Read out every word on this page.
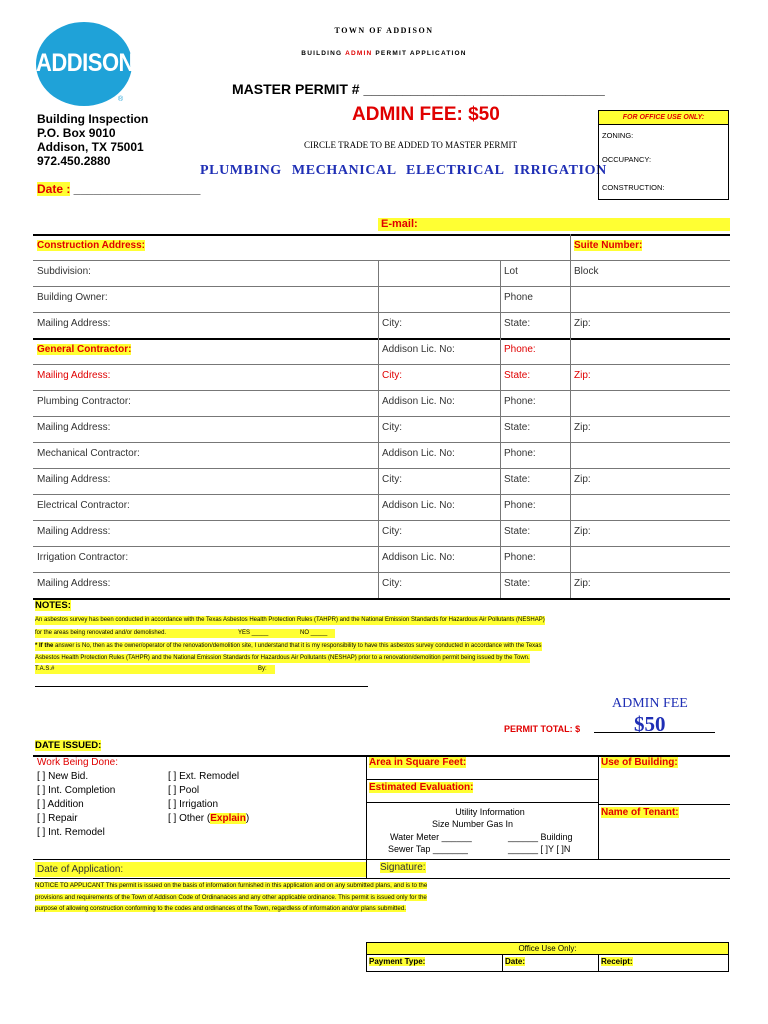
ADDISON
®
TOWN OF ADDISON
BUILDING ADMIN PERMIT APPLICATION
MASTER PERMIT # _______________________________
ADMIN FEE: $50
CIRCLE TRADE TO BE ADDED TO MASTER PERMIT
PLUMBING MECHANICAL ELECTRICAL IRRIGATION
Building Inspection
P.O. Box 9010
Addison, TX 75001
972.450.2880
Date : ___________________
FOR OFFICE USE ONLY:
ZONING:
OCCUPANCY:
CONSTRUCTION:
E-mail:
Construction Address:	Suite Number:
Subdivision:	Lot	Block
Building Owner:	Phone
Mailing Address:	City:	State:	Zip:
General Contractor:	Addison Lic. No:	Phone:
Mailing Address:	City:	State:	Zip:
Plumbing Contractor:	Addison Lic. No:	Phone:
Mailing Address:	City:	State:	Zip:
Mechanical Contractor:	Addison Lic. No:	Phone:
Mailing Address:	City:	State:	Zip:
Electrical Contractor:	Addison Lic. No:	Phone:
Mailing Address:	City:	State:	Zip:
Irrigation Contractor:	Addison Lic. No:	Phone:
Mailing Address:	City:	State:	Zip:
NOTES:
An asbestos survey has been conducted in accordance with the Texas Asbestos Health Protection Rules (TAHPR) and the National Emission Standards for Hazardous Air Pollutants (NESHAP)
for the areas being renovated and/or demolished.	YES _____	NO _____
* If the answer is No, then as the owner/operator of the renovation/demolition site, I understand that it is my responsibility to have this asbestos survey conducted in accordance with the Texas
Asbestos Health Protection Rules (TAHPR) and the National Emission Standards for Hazardous Air Pollutants (NESHAP) prior to a renovation/demolition permit being issued by the Town.
T.A.S.#	By:
ADMIN FEE
PERMIT TOTAL: $	$50
DATE ISSUED:
Work Being Done:
[ ] New Bid.
[ ] Int. Completion
[ ] Addition
[ ] Repair
[ ] Int. Remodel
[ ] Ext. Remodel
[ ] Pool
[ ] Irrigation
[ ] Other (Explain)
Area in Square Feet:
Estimated Evaluation:
Use of Building:
Name of Tenant:
Utility Information
Size Number Gas In
Water Meter ______	______ Building
Sewer Tap _______	______ [ ]Y [ ]N
Date of Application:	Signature:
NOTICE TO APPLICANT This permit is issued on the basis of information furnished in this application and on any submitted plans, and is to the
provisions and requirements of the Town of Addison Code of Ordinanaces and any other applicable ordinance. This permit is issued only for the
purpose of allowing construction conforming to the codes and ordinances of the Town, regardless of information and/or plans submitted.
Office Use Only:
Payment Type:	Date:	Receipt:
